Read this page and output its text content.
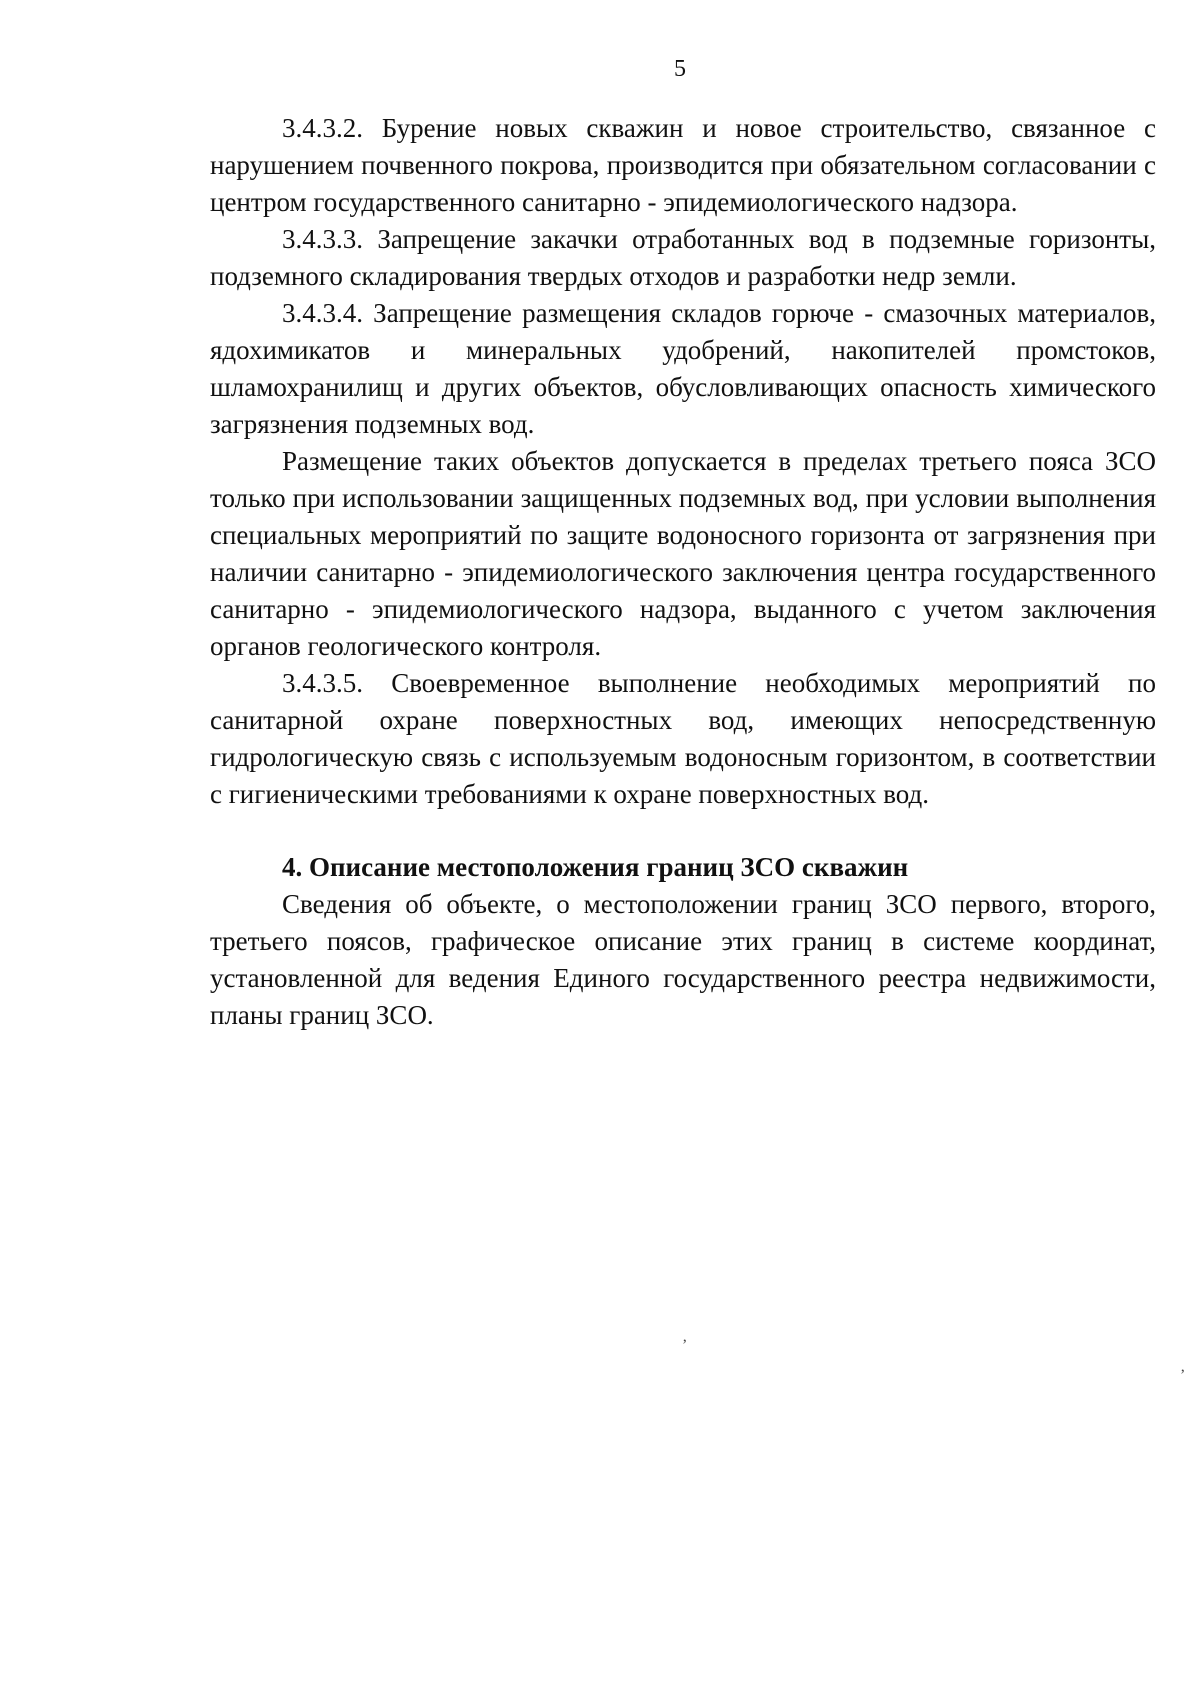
5

3.4.3.2. Бурение новых скважин и новое строительство, связанное с нарушением почвенного покрова, производится при обязательном согласовании с центром государственного санитарно - эпидемиологического надзора.

3.4.3.3. Запрещение закачки отработанных вод в подземные горизонты, подземного складирования твердых отходов и разработки недр земли.

3.4.3.4. Запрещение размещения складов горюче - смазочных материалов, ядохимикатов и минеральных удобрений, накопителей промстоков, шламохранилищ и других объектов, обусловливающих опасность химического загрязнения подземных вод.

Размещение таких объектов допускается в пределах третьего пояса ЗСО только при использовании защищенных подземных вод, при условии выполнения специальных мероприятий по защите водоносного горизонта от загрязнения при наличии санитарно - эпидемиологического заключения центра государственного санитарно - эпидемиологического надзора, выданного с учетом заключения органов геологического контроля.

3.4.3.5. Своевременное выполнение необходимых мероприятий по санитарной охране поверхностных вод, имеющих непосредственную гидрологическую связь с используемым водоносным горизонтом, в соответствии с гигиеническими требованиями к охране поверхностных вод.

4. Описание местоположения границ ЗСО скважин

Сведения об объекте, о местоположении границ ЗСО первого, второго, третьего поясов, графическое описание этих границ в системе координат, установленной для ведения Единого государственного реестра недвижимости, планы границ ЗСО.

ʼ
ʼ
